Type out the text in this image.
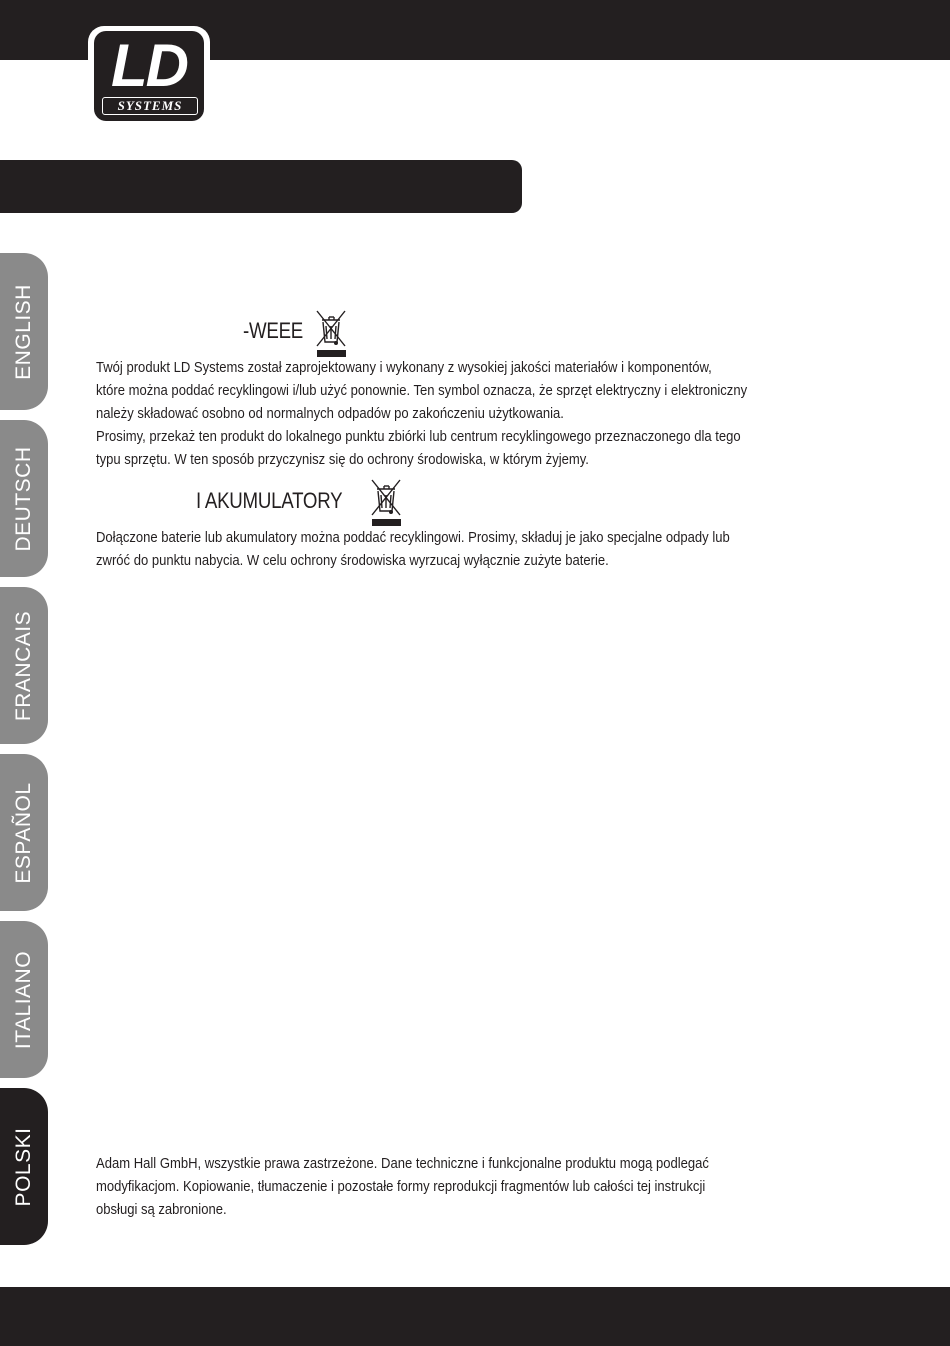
LD
SYSTEMS
ENGLISH
DEUTSCH
FRANCAIS
ESPAÑOL
ITALIANO
POLSKI
-WEEE

Twój produkt LD Systems został zaprojektowany i wykonany z wysokiej jakości materiałów i komponentów,

które można poddać recyklingowi i/lub użyć ponownie. Ten symbol oznacza, że sprzęt elektryczny i elektroniczny

należy składować osobno od normalnych odpadów po zakończeniu użytkowania.

Prosimy, przekaż ten produkt do lokalnego punktu zbiórki lub centrum recyklingowego przeznaczonego dla tego

typu sprzętu. W ten sposób przyczynisz się do ochrony środowiska, w którym żyjemy.

I AKUMULATORY

Dołączone baterie lub akumulatory można poddać recyklingowi. Prosimy, składuj je jako specjalne odpady lub

zwróć do punktu nabycia. W celu ochrony środowiska wyrzucaj wyłącznie zużyte baterie.

Adam Hall GmbH, wszystkie prawa zastrzeżone. Dane techniczne i funkcjonalne produktu mogą podlegać

modyfikacjom. Kopiowanie, tłumaczenie i pozostałe formy reprodukcji fragmentów lub całości tej instrukcji

obsługi są zabronione.
